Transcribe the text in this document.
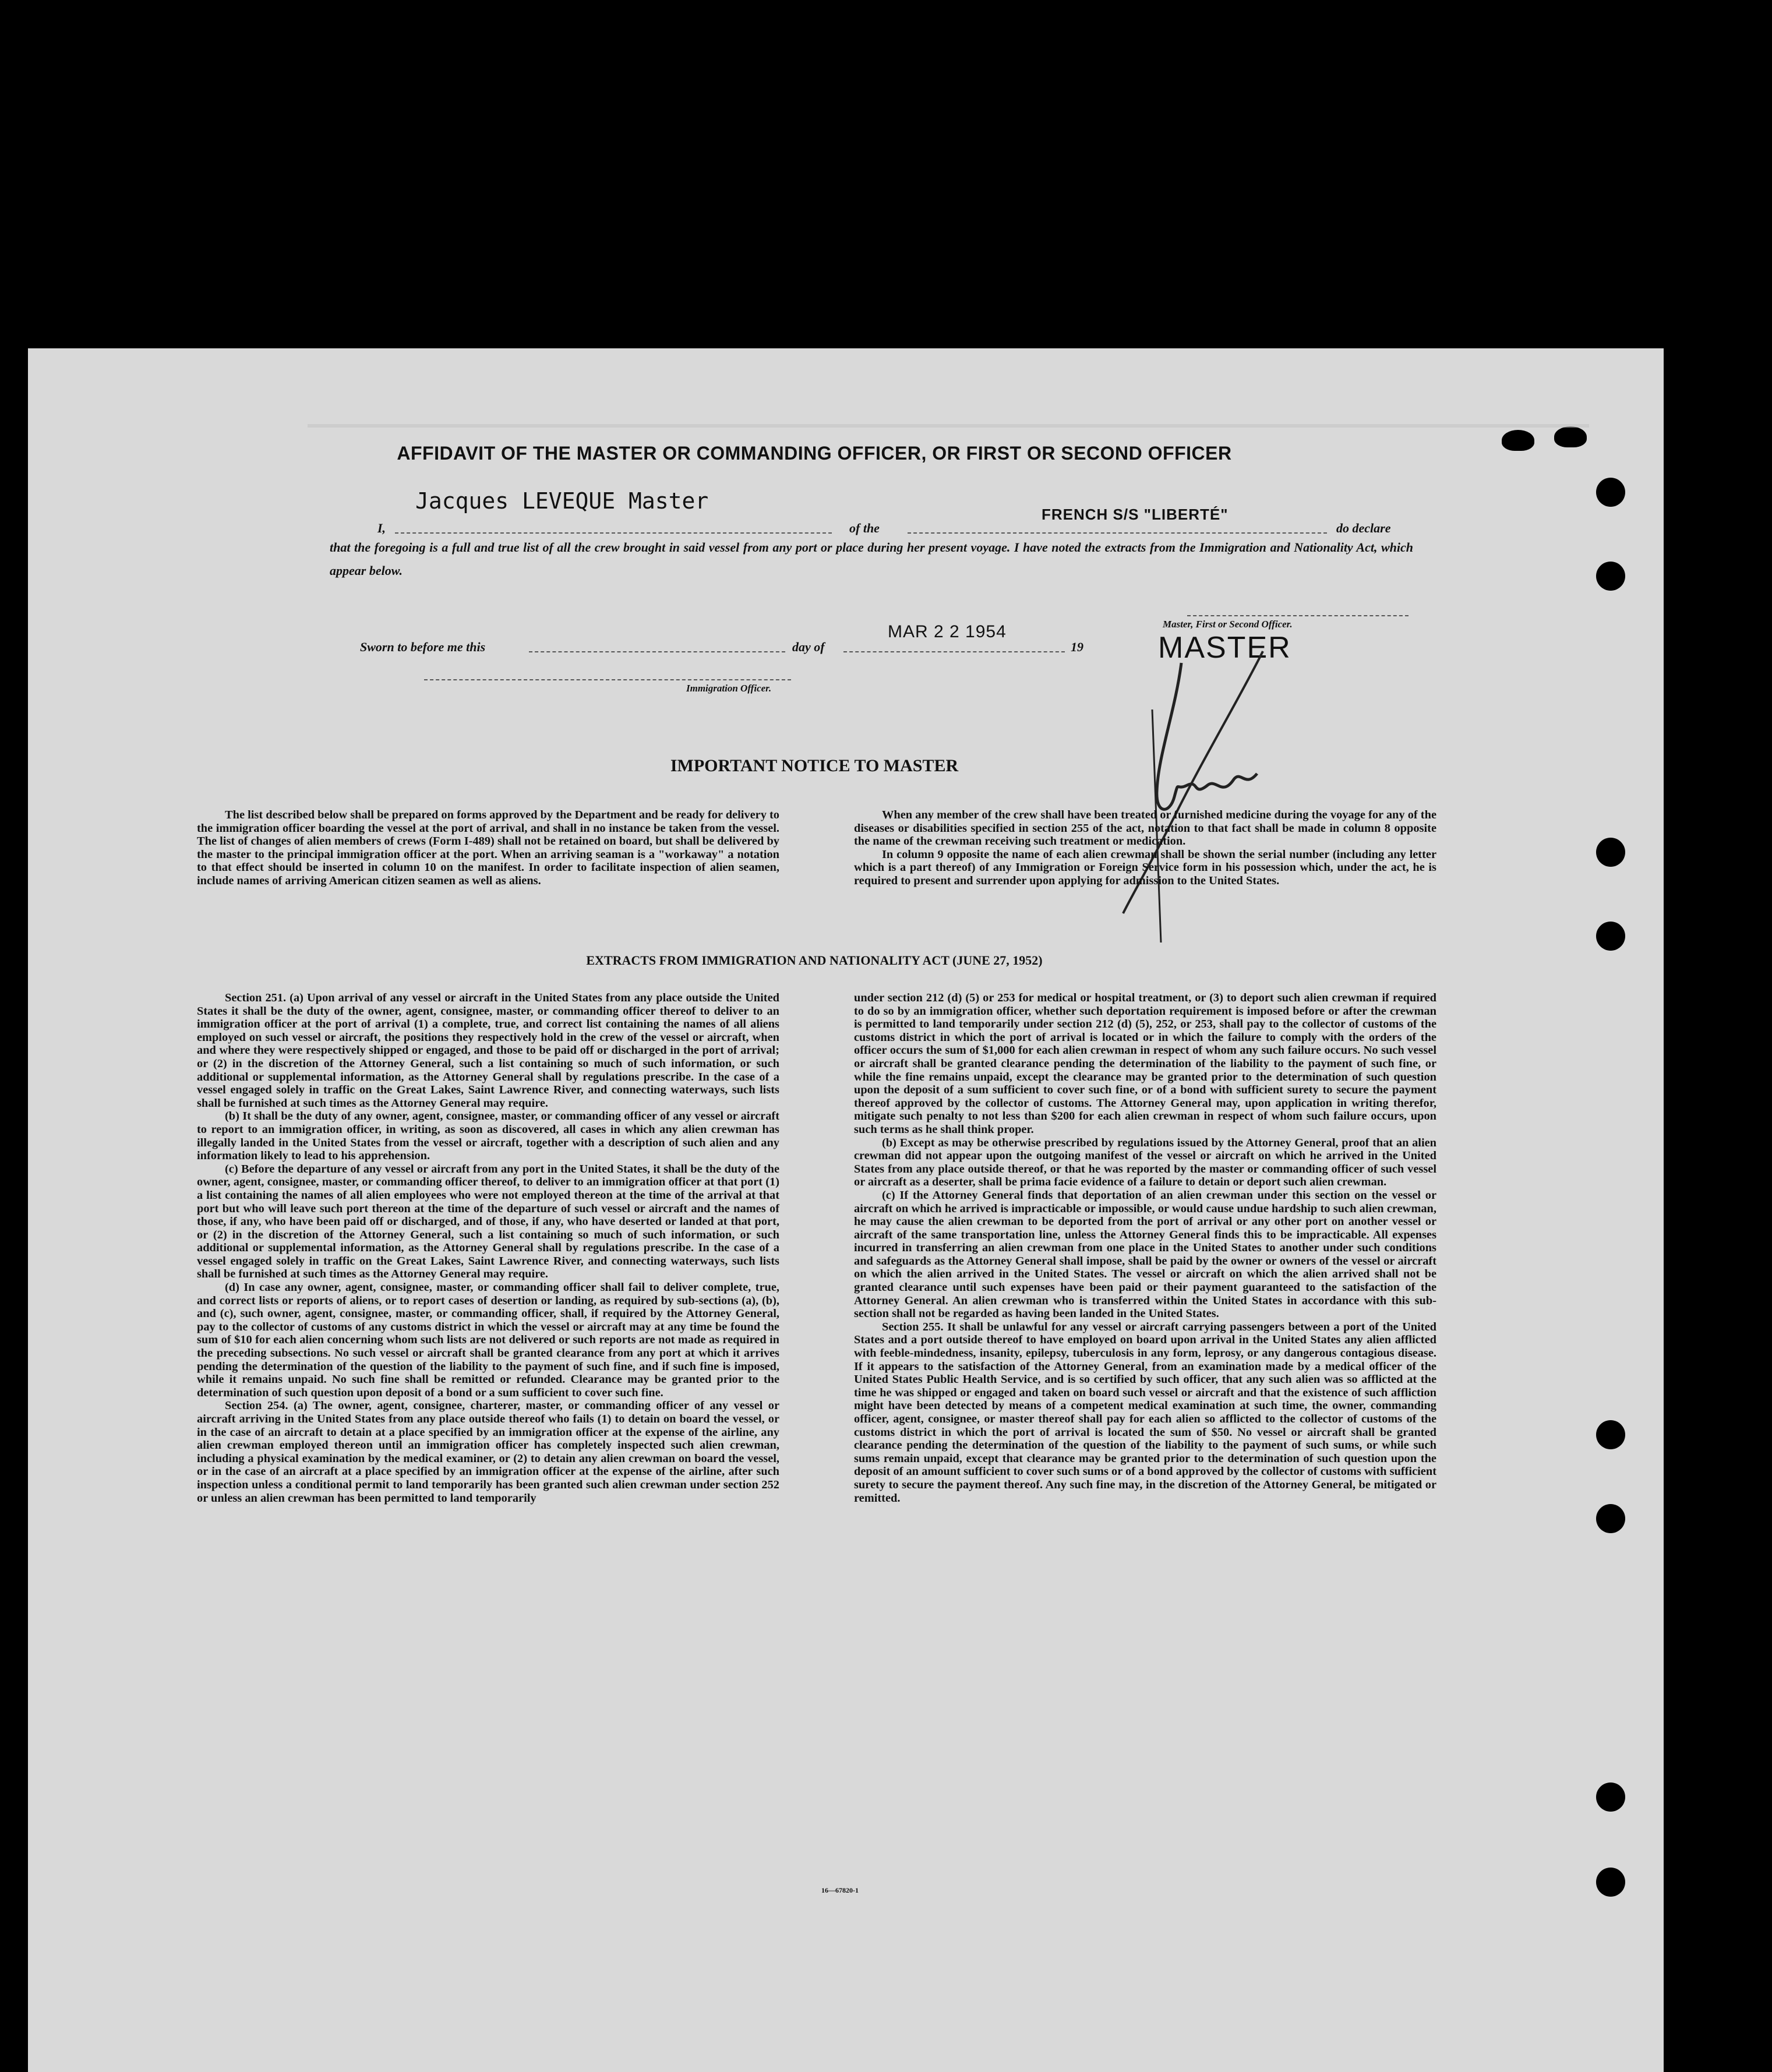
AFFIDAVIT OF THE MASTER OR COMMANDING OFFICER, OR FIRST OR SECOND OFFICER
I,
Jacques LEVEQUE Master
of the
FRENCH S/S "LIBERTÉ"
do declare
that the foregoing is a full and true list of all the crew brought in said vessel from any port or place during her present voyage. I have noted the extracts from the Immigration and Nationality Act, which appear below.
Master, First or Second Officer.
Sworn to before me this	day of
MAR 2 2 1954
19 MASTER
Immigration Officer.
IMPORTANT NOTICE TO MASTER

The list described below shall be prepared on forms approved by the Department and be ready for delivery to the immigration officer boarding the vessel at the port of arrival, and shall in no instance be taken from the vessel. The list of changes of alien members of crews (Form I-489) shall not be retained on board, but shall be delivered by the master to the principal immigration officer at the port. When an arriving seaman is a "workaway" a notation to that effect should be inserted in column 10 on the manifest. In order to facilitate inspection of alien seamen, include names of arriving American citizen seamen as well as aliens.

When any member of the crew shall have been treated or furnished medicine during the voyage for any of the diseases or disabilities specified in section 255 of the act, notation to that fact shall be made in column 8 opposite the name of the crewman receiving such treatment or medication.

In column 9 opposite the name of each alien crewman shall be shown the serial number (including any letter which is a part thereof) of any Immigration or Foreign Service form in his possession which, under the act, he is required to present and surrender upon applying for admission to the United States.

EXTRACTS FROM IMMIGRATION AND NATIONALITY ACT (JUNE 27, 1952)

Section 251. (a) Upon arrival of any vessel or aircraft in the United States from any place outside the United States it shall be the duty of the owner, agent, consignee, master, or commanding officer thereof to deliver to an immigration officer at the port of arrival (1) a complete, true, and correct list containing the names of all aliens employed on such vessel or aircraft, the positions they respectively hold in the crew of the vessel or aircraft, when and where they were respectively shipped or engaged, and those to be paid off or discharged in the port of arrival; or (2) in the discretion of the Attorney General, such a list containing so much of such information, or such additional or supplemental information, as the Attorney General shall by regulations prescribe. In the case of a vessel engaged solely in traffic on the Great Lakes, Saint Lawrence River, and connecting waterways, such lists shall be furnished at such times as the Attorney General may require.

(b) It shall be the duty of any owner, agent, consignee, master, or commanding officer of any vessel or aircraft to report to an immigration officer, in writing, as soon as discovered, all cases in which any alien crewman has illegally landed in the United States from the vessel or aircraft, together with a description of such alien and any information likely to lead to his apprehension.

(c) Before the departure of any vessel or aircraft from any port in the United States, it shall be the duty of the owner, agent, consignee, master, or commanding officer thereof, to deliver to an immigration officer at that port (1) a list containing the names of all alien employees who were not employed thereon at the time of the arrival at that port but who will leave such port thereon at the time of the departure of such vessel or aircraft and the names of those, if any, who have been paid off or discharged, and of those, if any, who have deserted or landed at that port, or (2) in the discretion of the Attorney General, such a list containing so much of such information, or such additional or supplemental information, as the Attorney General shall by regulations prescribe. In the case of a vessel engaged solely in traffic on the Great Lakes, Saint Lawrence River, and connecting waterways, such lists shall be furnished at such times as the Attorney General may require.

(d) In case any owner, agent, consignee, master, or commanding officer shall fail to deliver complete, true, and correct lists or reports of aliens, or to report cases of desertion or landing, as required by sub-sections (a), (b), and (c), such owner, agent, consignee, master, or commanding officer, shall, if required by the Attorney General, pay to the collector of customs of any customs district in which the vessel or aircraft may at any time be found the sum of $10 for each alien concerning whom such lists are not delivered or such reports are not made as required in the preceding subsections. No such vessel or aircraft shall be granted clearance from any port at which it arrives pending the determination of the question of the liability to the payment of such fine, and if such fine is imposed, while it remains unpaid. No such fine shall be remitted or refunded. Clearance may be granted prior to the determination of such question upon deposit of a bond or a sum sufficient to cover such fine.

Section 254. (a) The owner, agent, consignee, charterer, master, or commanding officer of any vessel or aircraft arriving in the United States from any place outside thereof who fails (1) to detain on board the vessel, or in the case of an aircraft to detain at a place specified by an immigration officer at the expense of the airline, any alien crewman employed thereon until an immigration officer has completely inspected such alien crewman, including a physical examination by the medical examiner, or (2) to detain any alien crewman on board the vessel, or in the case of an aircraft at a place specified by an immigration officer at the expense of the airline, after such inspection unless a conditional permit to land temporarily has been granted such alien crewman under section 252 or unless an alien crewman has been permitted to land temporarily

under section 212 (d) (5) or 253 for medical or hospital treatment, or (3) to deport such alien crewman if required to do so by an immigration officer, whether such deportation requirement is imposed before or after the crewman is permitted to land temporarily under section 212 (d) (5), 252, or 253, shall pay to the collector of customs of the customs district in which the port of arrival is located or in which the failure to comply with the orders of the officer occurs the sum of $1,000 for each alien crewman in respect of whom any such failure occurs. No such vessel or aircraft shall be granted clearance pending the determination of the liability to the payment of such fine, or while the fine remains unpaid, except the clearance may be granted prior to the determination of such question upon the deposit of a sum sufficient to cover such fine, or of a bond with sufficient surety to secure the payment thereof approved by the collector of customs. The Attorney General may, upon application in writing therefor, mitigate such penalty to not less than $200 for each alien crewman in respect of whom such failure occurs, upon such terms as he shall think proper.

(b) Except as may be otherwise prescribed by regulations issued by the Attorney General, proof that an alien crewman did not appear upon the outgoing manifest of the vessel or aircraft on which he arrived in the United States from any place outside thereof, or that he was reported by the master or commanding officer of such vessel or aircraft as a deserter, shall be prima facie evidence of a failure to detain or deport such alien crewman.

(c) If the Attorney General finds that deportation of an alien crewman under this section on the vessel or aircraft on which he arrived is impracticable or impossible, or would cause undue hardship to such alien crewman, he may cause the alien crewman to be deported from the port of arrival or any other port on another vessel or aircraft of the same transportation line, unless the Attorney General finds this to be impracticable. All expenses incurred in transferring an alien crewman from one place in the United States to another under such conditions and safeguards as the Attorney General shall impose, shall be paid by the owner or owners of the vessel or aircraft on which the alien arrived in the United States. The vessel or aircraft on which the alien arrived shall not be granted clearance until such expenses have been paid or their payment guaranteed to the satisfaction of the Attorney General. An alien crewman who is transferred within the United States in accordance with this sub-section shall not be regarded as having been landed in the United States.

Section 255. It shall be unlawful for any vessel or aircraft carrying passengers between a port of the United States and a port outside thereof to have employed on board upon arrival in the United States any alien afflicted with feeble-mindedness, insanity, epilepsy, tuberculosis in any form, leprosy, or any dangerous contagious disease. If it appears to the satisfaction of the Attorney General, from an examination made by a medical officer of the United States Public Health Service, and is so certified by such officer, that any such alien was so afflicted at the time he was shipped or engaged and taken on board such vessel or aircraft and that the existence of such affliction might have been detected by means of a competent medical examination at such time, the owner, commanding officer, agent, consignee, or master thereof shall pay for each alien so afflicted to the collector of customs of the customs district in which the port of arrival is located the sum of $50. No vessel or aircraft shall be granted clearance pending the determination of the question of the liability to the payment of such sums, or while such sums remain unpaid, except that clearance may be granted prior to the determination of such question upon the deposit of an amount sufficient to cover such sums or of a bond approved by the collector of customs with sufficient surety to secure the payment thereof. Any such fine may, in the discretion of the Attorney General, be mitigated or remitted.

16—67820-1
